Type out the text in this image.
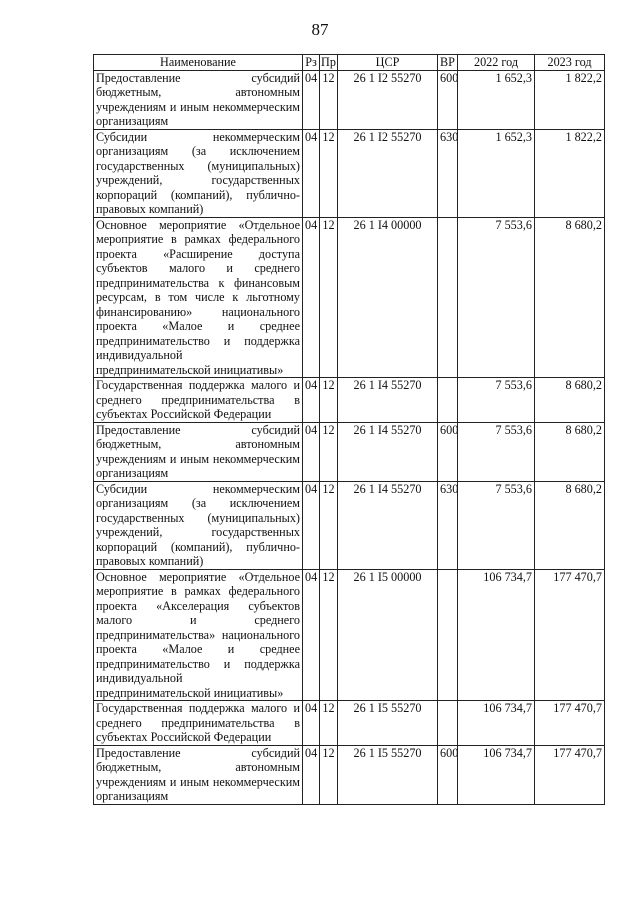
87
Наименование	Рз	Пр	ЦСР	ВР	2022 год	2023 год
Предоставление субсидий бюджетным, автономным учреждениям и иным некоммерческим организациям	04	12	26 1 I2 55270	600	1 652,3	1 822,2
Субсидии некоммерческим организациям (за исключением государственных (муниципальных) учреждений, государственных корпораций (компаний), публично-правовых компаний)	04	12	26 1 I2 55270	630	1 652,3	1 822,2
Основное мероприятие «Отдельное мероприятие в рамках федерального проекта «Расширение доступа субъектов малого и среднего предпринимательства к финансовым ресурсам, в том числе к льготному финансированию» национального проекта «Малое и среднее предпринимательство и поддержка индивидуальной предпринимательской инициативы»	04	12	26 1 I4 00000		7 553,6	8 680,2
Государственная поддержка малого и среднего предпринимательства в субъектах Российской Федерации	04	12	26 1 I4 55270		7 553,6	8 680,2
Предоставление субсидий бюджетным, автономным учреждениям и иным некоммерческим организациям	04	12	26 1 I4 55270	600	7 553,6	8 680,2
Субсидии некоммерческим организациям (за исключением государственных (муниципальных) учреждений, государственных корпораций (компаний), публично-правовых компаний)	04	12	26 1 I4 55270	630	7 553,6	8 680,2
Основное мероприятие «Отдельное мероприятие в рамках федерального проекта «Акселерация субъектов малого и среднего предпринимательства» национального проекта «Малое и среднее предпринимательство и поддержка индивидуальной предпринимательской инициативы»	04	12	26 1 I5 00000		106 734,7	177 470,7
Государственная поддержка малого и среднего предпринимательства в субъектах Российской Федерации	04	12	26 1 I5 55270		106 734,7	177 470,7
Предоставление субсидий бюджетным, автономным учреждениям и иным некоммерческим организациям	04	12	26 1 I5 55270	600	106 734,7	177 470,7
